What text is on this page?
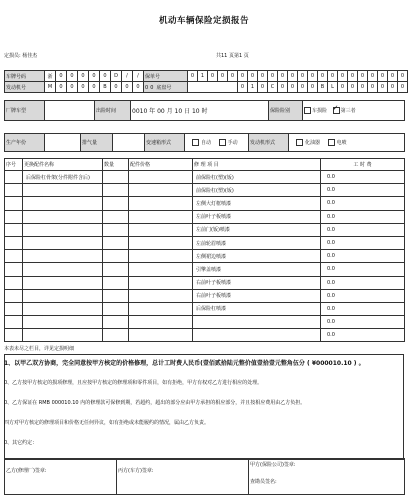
机动车辆保险定损报告
定损员: 杨佳杰	共11 页第1 页
车牌号码	浙	0	0	0	0	0	D	/	/	保单号	0	1	0	0	0	0	0	0	0	0	0	0	0	0	0	0	0	0	0	0	0	0
发动机号	M	0	0	0	0	B	0	0	0	0 0 底盘号						0	1	0	C	0	0	0	0	B	L	0	0	0	0	0	0	0
厂牌车型		出险时间	0010 年 00 月 10 日 10 时	保险险别	车损险 ✓	第三者
生产年份		排气量		变速箱形式	自动	手动	发动机形式	化油器	电喷
序号	更换配件名称	数量	配件价格	修 理 项 目	工 时 费
	后保险杠骨架(分件附件含后)			前保险杠(塑)(钣)	0.0
				前保险杠(塑)(钣)	0.0
				左侧大灯框喷漆	0.0
				左前叶子板喷漆	0.0
				左前门(钣)喷漆	0.0
				左前轮眉喷漆	0.0
				左侧裙边喷漆	0.0
				引擎盖喷漆	0.0
				右前叶子板喷漆	0.0
				右前叶子板喷漆	0.0
				后保险杠喷漆	0.0
					0.0
					0.0
本表未尽之栏目，详见定损明细
1、以甲乙双方协商，完全同意按甲方核定的价格修理，总计工时费人民币(壹佰贰拾陆元整价值壹拾壹元整角伍分 ( ¥000010.10 ) 。
0、乙方按甲方核定的损项修理，且应按甲方核定的修理项和零件项目，如有拒绝，甲方有权对乙方进行相应的处理。
0、乙方保证在 RMB 000010.10 内的修理款可保修到期，若超约，超出的部分应由甲方承担的相应部分，并且按相应费用由乙方负担。
四方对甲方核定的修理项目和价格无任何异议，如有拒绝或未能履约的情况，属由乙方负责。
0、其它约定：
乙方(修理厂)签章:	丙方(车方)签章:	
甲方(保险公司)签章:
查勘员签名:
